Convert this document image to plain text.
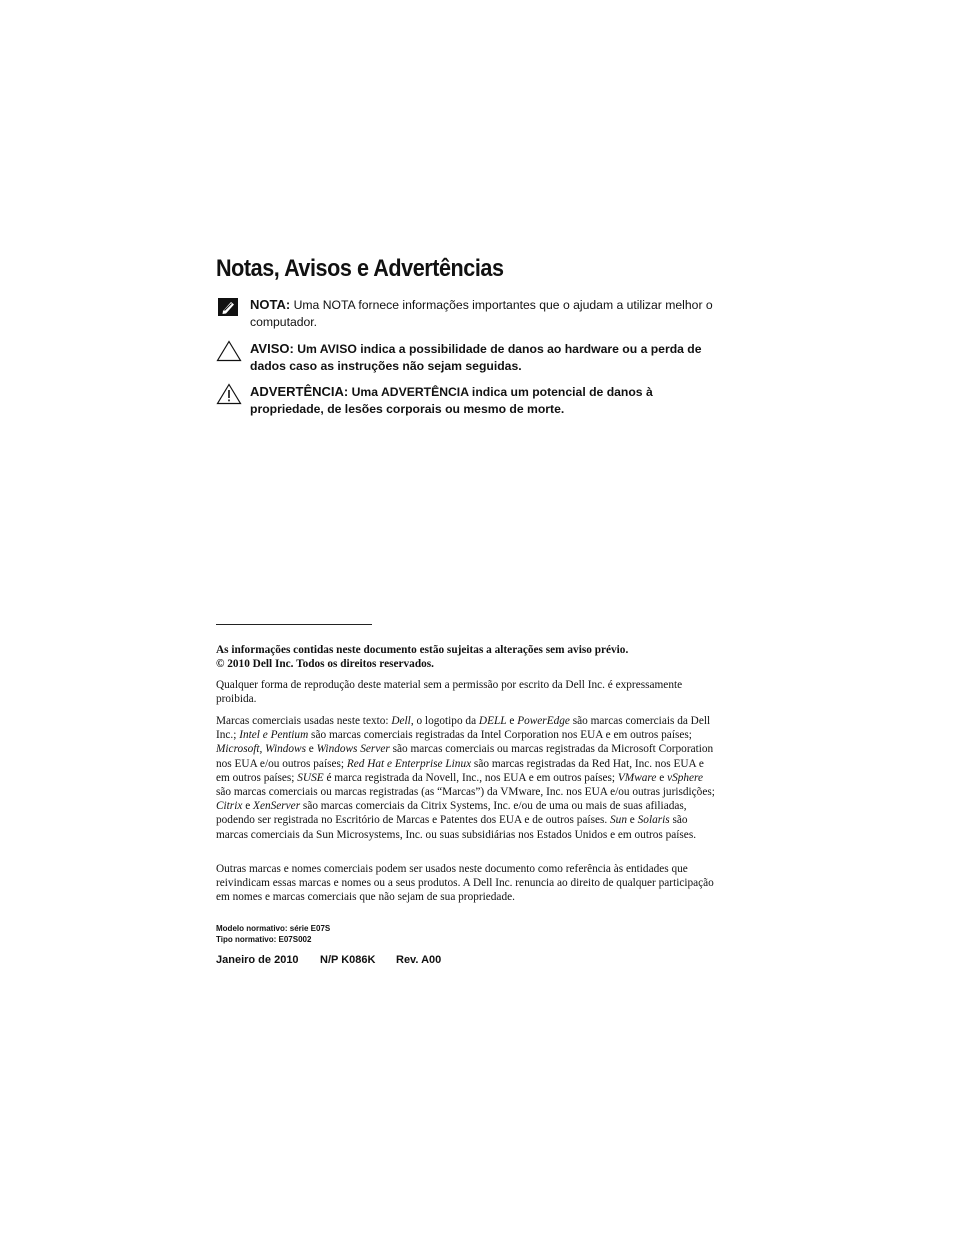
Notas, Avisos e Advertências
NOTA: Uma NOTA fornece informações importantes que o ajudam a utilizar melhor o computador.
AVISO: Um AVISO indica a possibilidade de danos ao hardware ou a perda de dados caso as instruções não sejam seguidas.
ADVERTÊNCIA: Uma ADVERTÊNCIA indica um potencial de danos à propriedade, de lesões corporais ou mesmo de morte.
As informações contidas neste documento estão sujeitas a alterações sem aviso prévio.
© 2010 Dell Inc. Todos os direitos reservados.
Qualquer forma de reprodução deste material sem a permissão por escrito da Dell Inc. é expressamente proibida.
Marcas comerciais usadas neste texto: Dell, o logotipo da DELL e PowerEdge são marcas comerciais da Dell Inc.; Intel e Pentium são marcas comerciais registradas da Intel Corporation nos EUA e em outros países; Microsoft, Windows e Windows Server são marcas comerciais ou marcas registradas da Microsoft Corporation nos EUA e/ou outros países; Red Hat e Enterprise Linux são marcas registradas da Red Hat, Inc. nos EUA e em outros países; SUSE é marca registrada da Novell, Inc., nos EUA e em outros países; VMware e vSphere são marcas comerciais ou marcas registradas (as “Marcas”) da VMware, Inc. nos EUA e/ou outras jurisdições; Citrix e XenServer são marcas comerciais da Citrix Systems, Inc. e/ou de uma ou mais de suas afiliadas, podendo ser registrada no Escritório de Marcas e Patentes dos EUA e de outros países. Sun e Solaris são marcas comerciais da Sun Microsystems, Inc. ou suas subsidiárias nos Estados Unidos e em outros países.
Outras marcas e nomes comerciais podem ser usados neste documento como referência às entidades que reivindicam essas marcas e nomes ou a seus produtos. A Dell Inc. renuncia ao direito de qualquer participação em nomes e marcas comerciais que não sejam de sua propriedade.
Modelo normativo: série E07S
Tipo normativo: E07S002
Janeiro de 2010 N/P K086K Rev. A00
